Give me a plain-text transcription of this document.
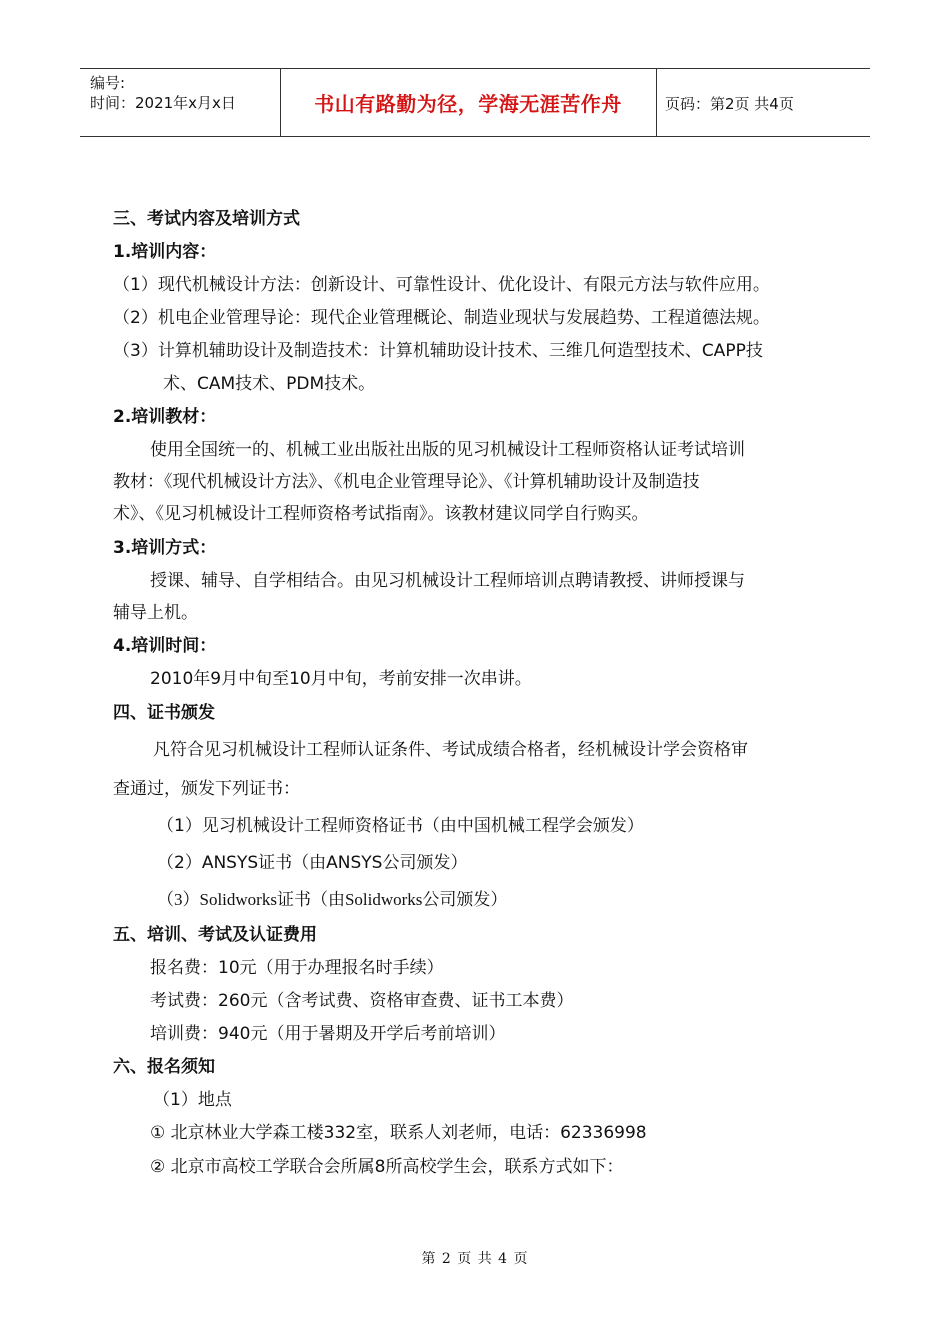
编号:
时间：2021年x月x日	书山有路勤为径，学海无涯苦作舟	页码：第2页 共4页
三、考试内容及培训方式
1.培训内容：
（1）现代机械设计方法：创新设计、可靠性设计、优化设计、有限元方法与软件应用。
（2）机电企业管理导论：现代企业管理概论、制造业现状与发展趋势、工程道德法规。
（3）计算机辅助设计及制造技术：计算机辅助设计技术、三维几何造型技术、CAPP技
术、CAM技术、PDM技术。
2.培训教材：
使用全国统一的、机械工业出版社出版的见习机械设计工程师资格认证考试培训
教材：《现代机械设计方法》、《机电企业管理导论》、《计算机辅助设计及制造技
术》、《见习机械设计工程师资格考试指南》。该教材建议同学自行购买。
3.培训方式：
授课、辅导、自学相结合。由见习机械设计工程师培训点聘请教授、讲师授课与
辅导上机。
4.培训时间：
2010年9月中旬至10月中旬，考前安排一次串讲。
四、证书颁发
凡符合见习机械设计工程师认证条件、考试成绩合格者，经机械设计学会资格审
查通过，颁发下列证书：
（1）见习机械设计工程师资格证书（由中国机械工程学会颁发）
（2）ANSYS证书（由ANSYS公司颁发）
（3）Solidworks证书（由Solidworks公司颁发）
五、培训、考试及认证费用
报名费：10元（用于办理报名时手续）
考试费：260元（含考试费、资格审查费、证书工本费）
培训费：940元（用于暑期及开学后考前培训）
六、报名须知
（1）地点
① 北京林业大学森工楼332室，联系人刘老师，电话：62336998
② 北京市高校工学联合会所属8所高校学生会，联系方式如下：
第 2 页 共 4 页
